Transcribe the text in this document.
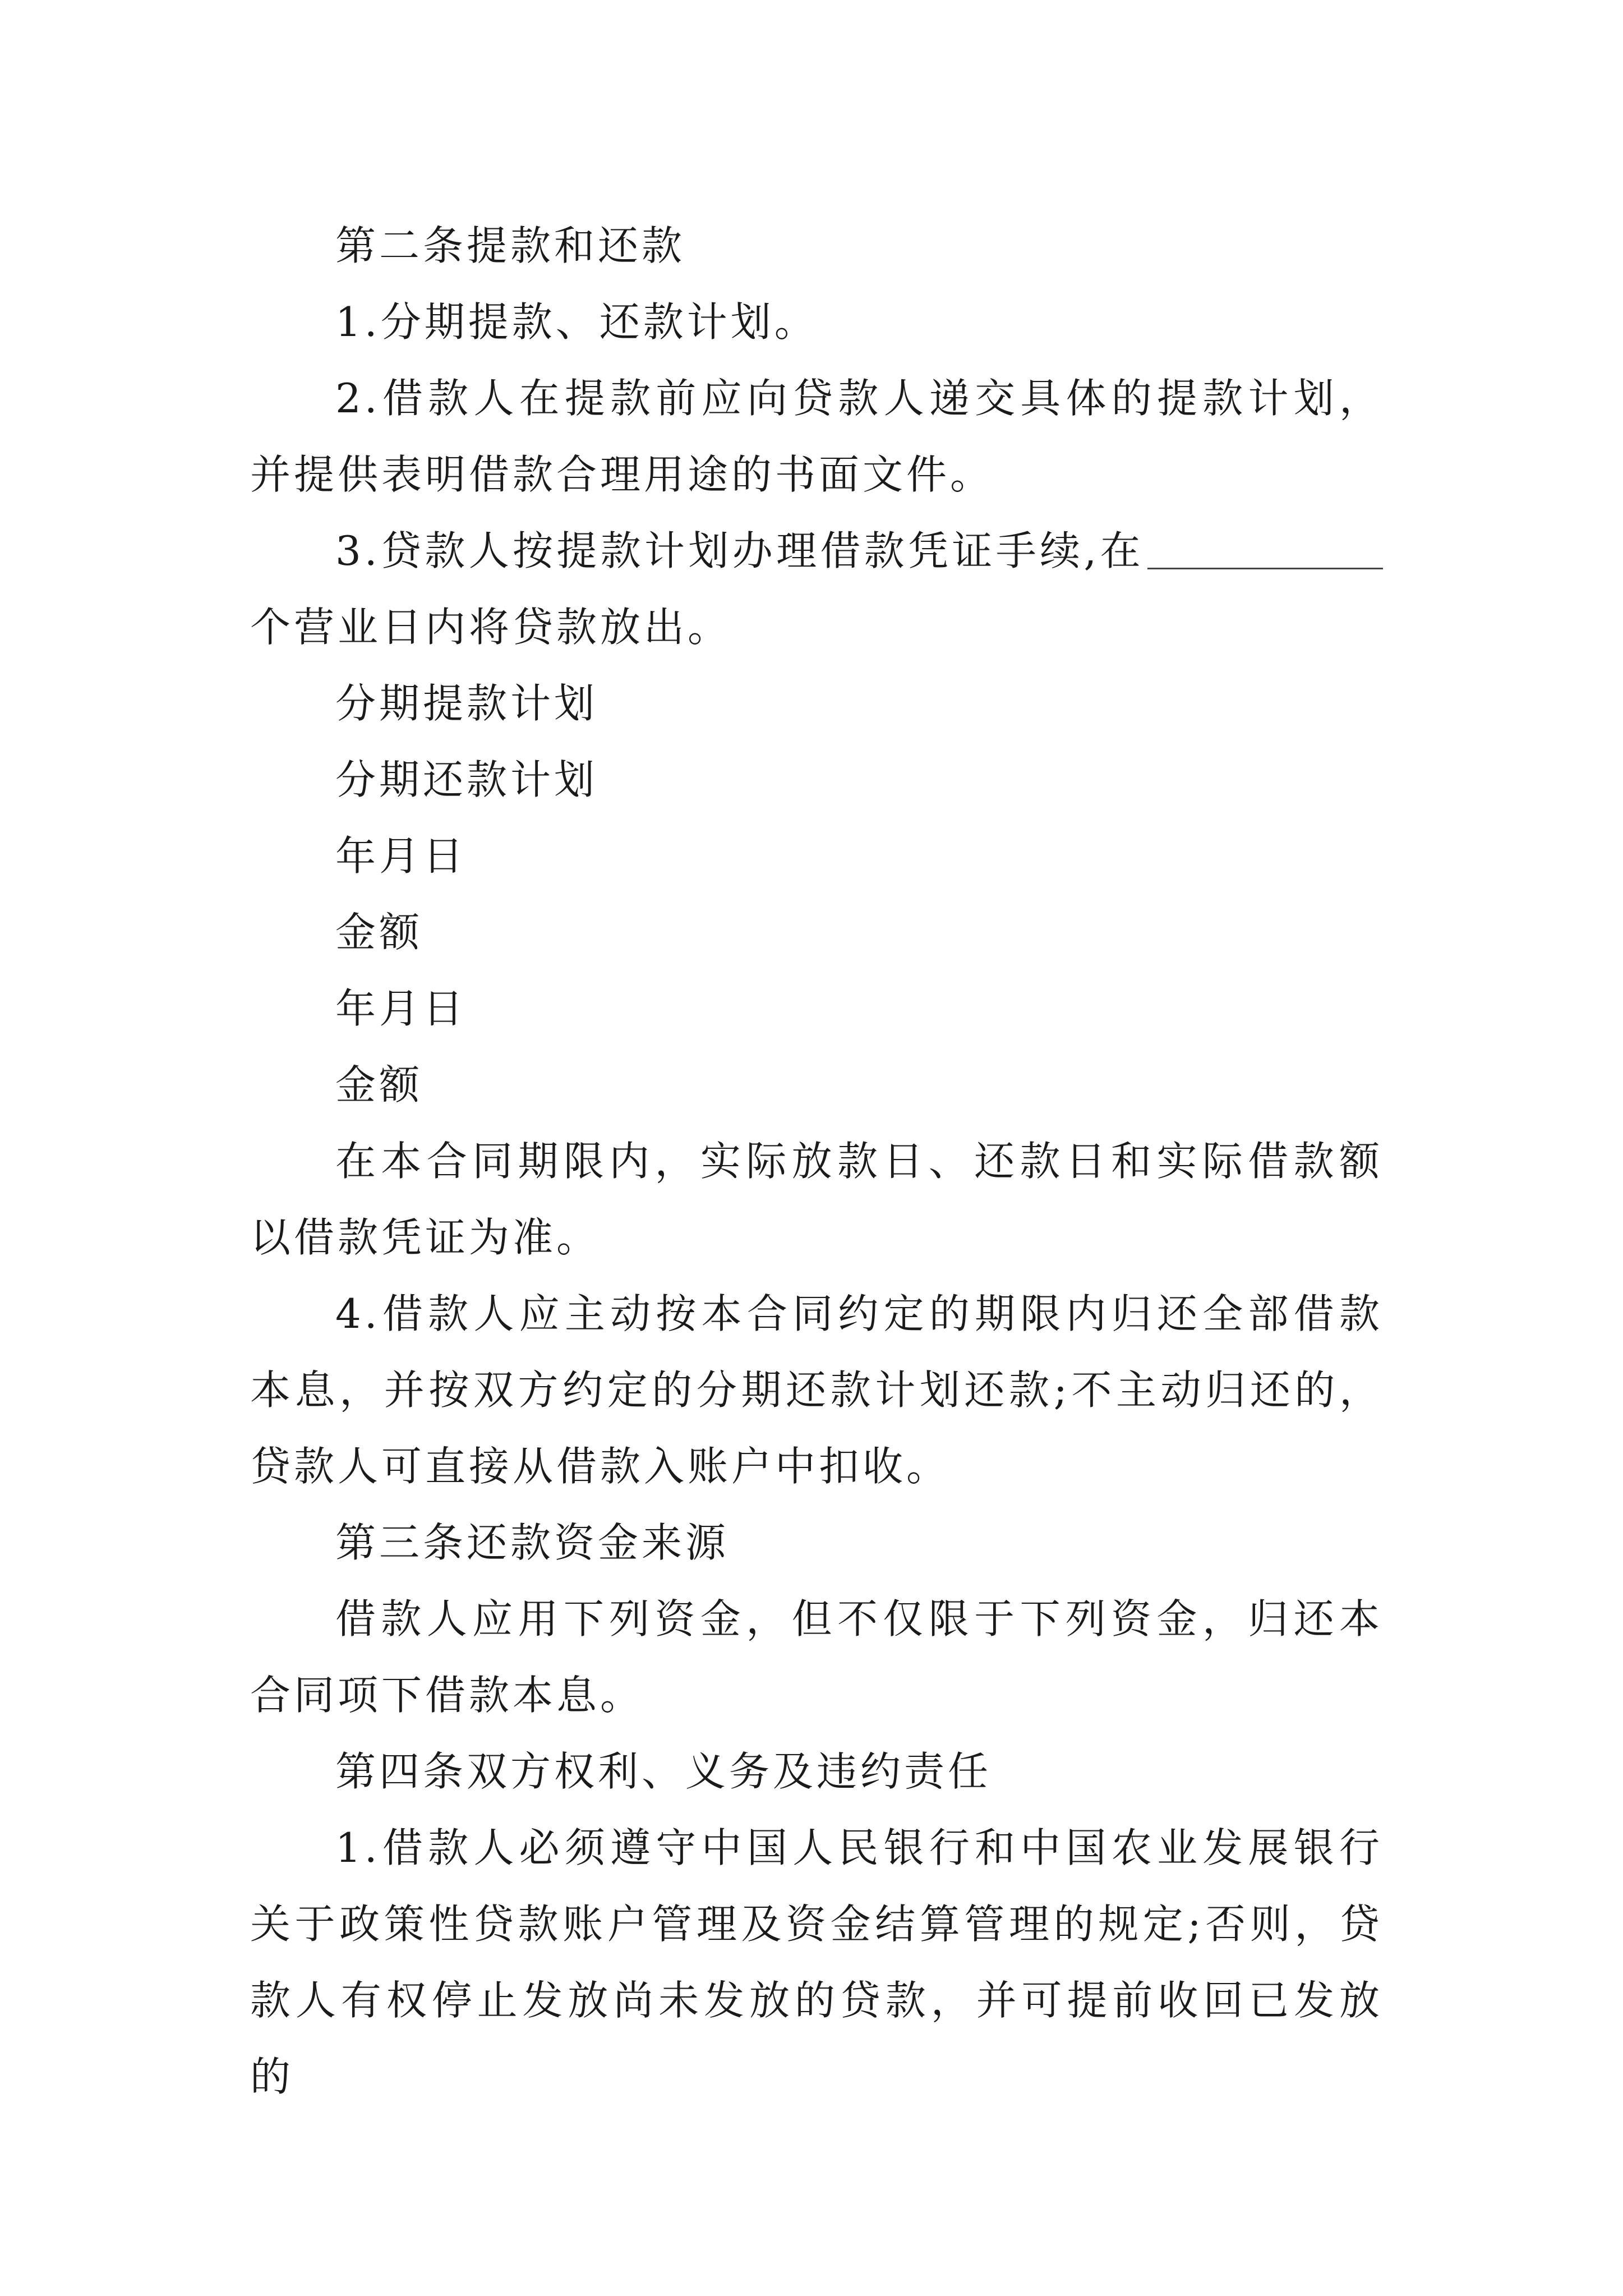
第二条提款和还款

1.分期提款、还款计划。

2.借款人在提款前应向贷款人递交具体的提款计划，并提供表明借款合理用途的书面文件。

3.贷款人按提款计划办理借款凭证手续,在个营业日内将贷款放出。

分期提款计划

分期还款计划

年月日

金额

年月日

金额

在本合同期限内，实际放款日、还款日和实际借款额以借款凭证为准。

4.借款人应主动按本合同约定的期限内归还全部借款本息，并按双方约定的分期还款计划还款;不主动归还的，贷款人可直接从借款入账户中扣收。

第三条还款资金来源

借款人应用下列资金，但不仅限于下列资金，归还本合同项下借款本息。

第四条双方权利、义务及违约责任

1.借款人必须遵守中国人民银行和中国农业发展银行关于政策性贷款账户管理及资金结算管理的规定;否则，贷款人有权停止发放尚未发放的贷款，并可提前收回已发放的
